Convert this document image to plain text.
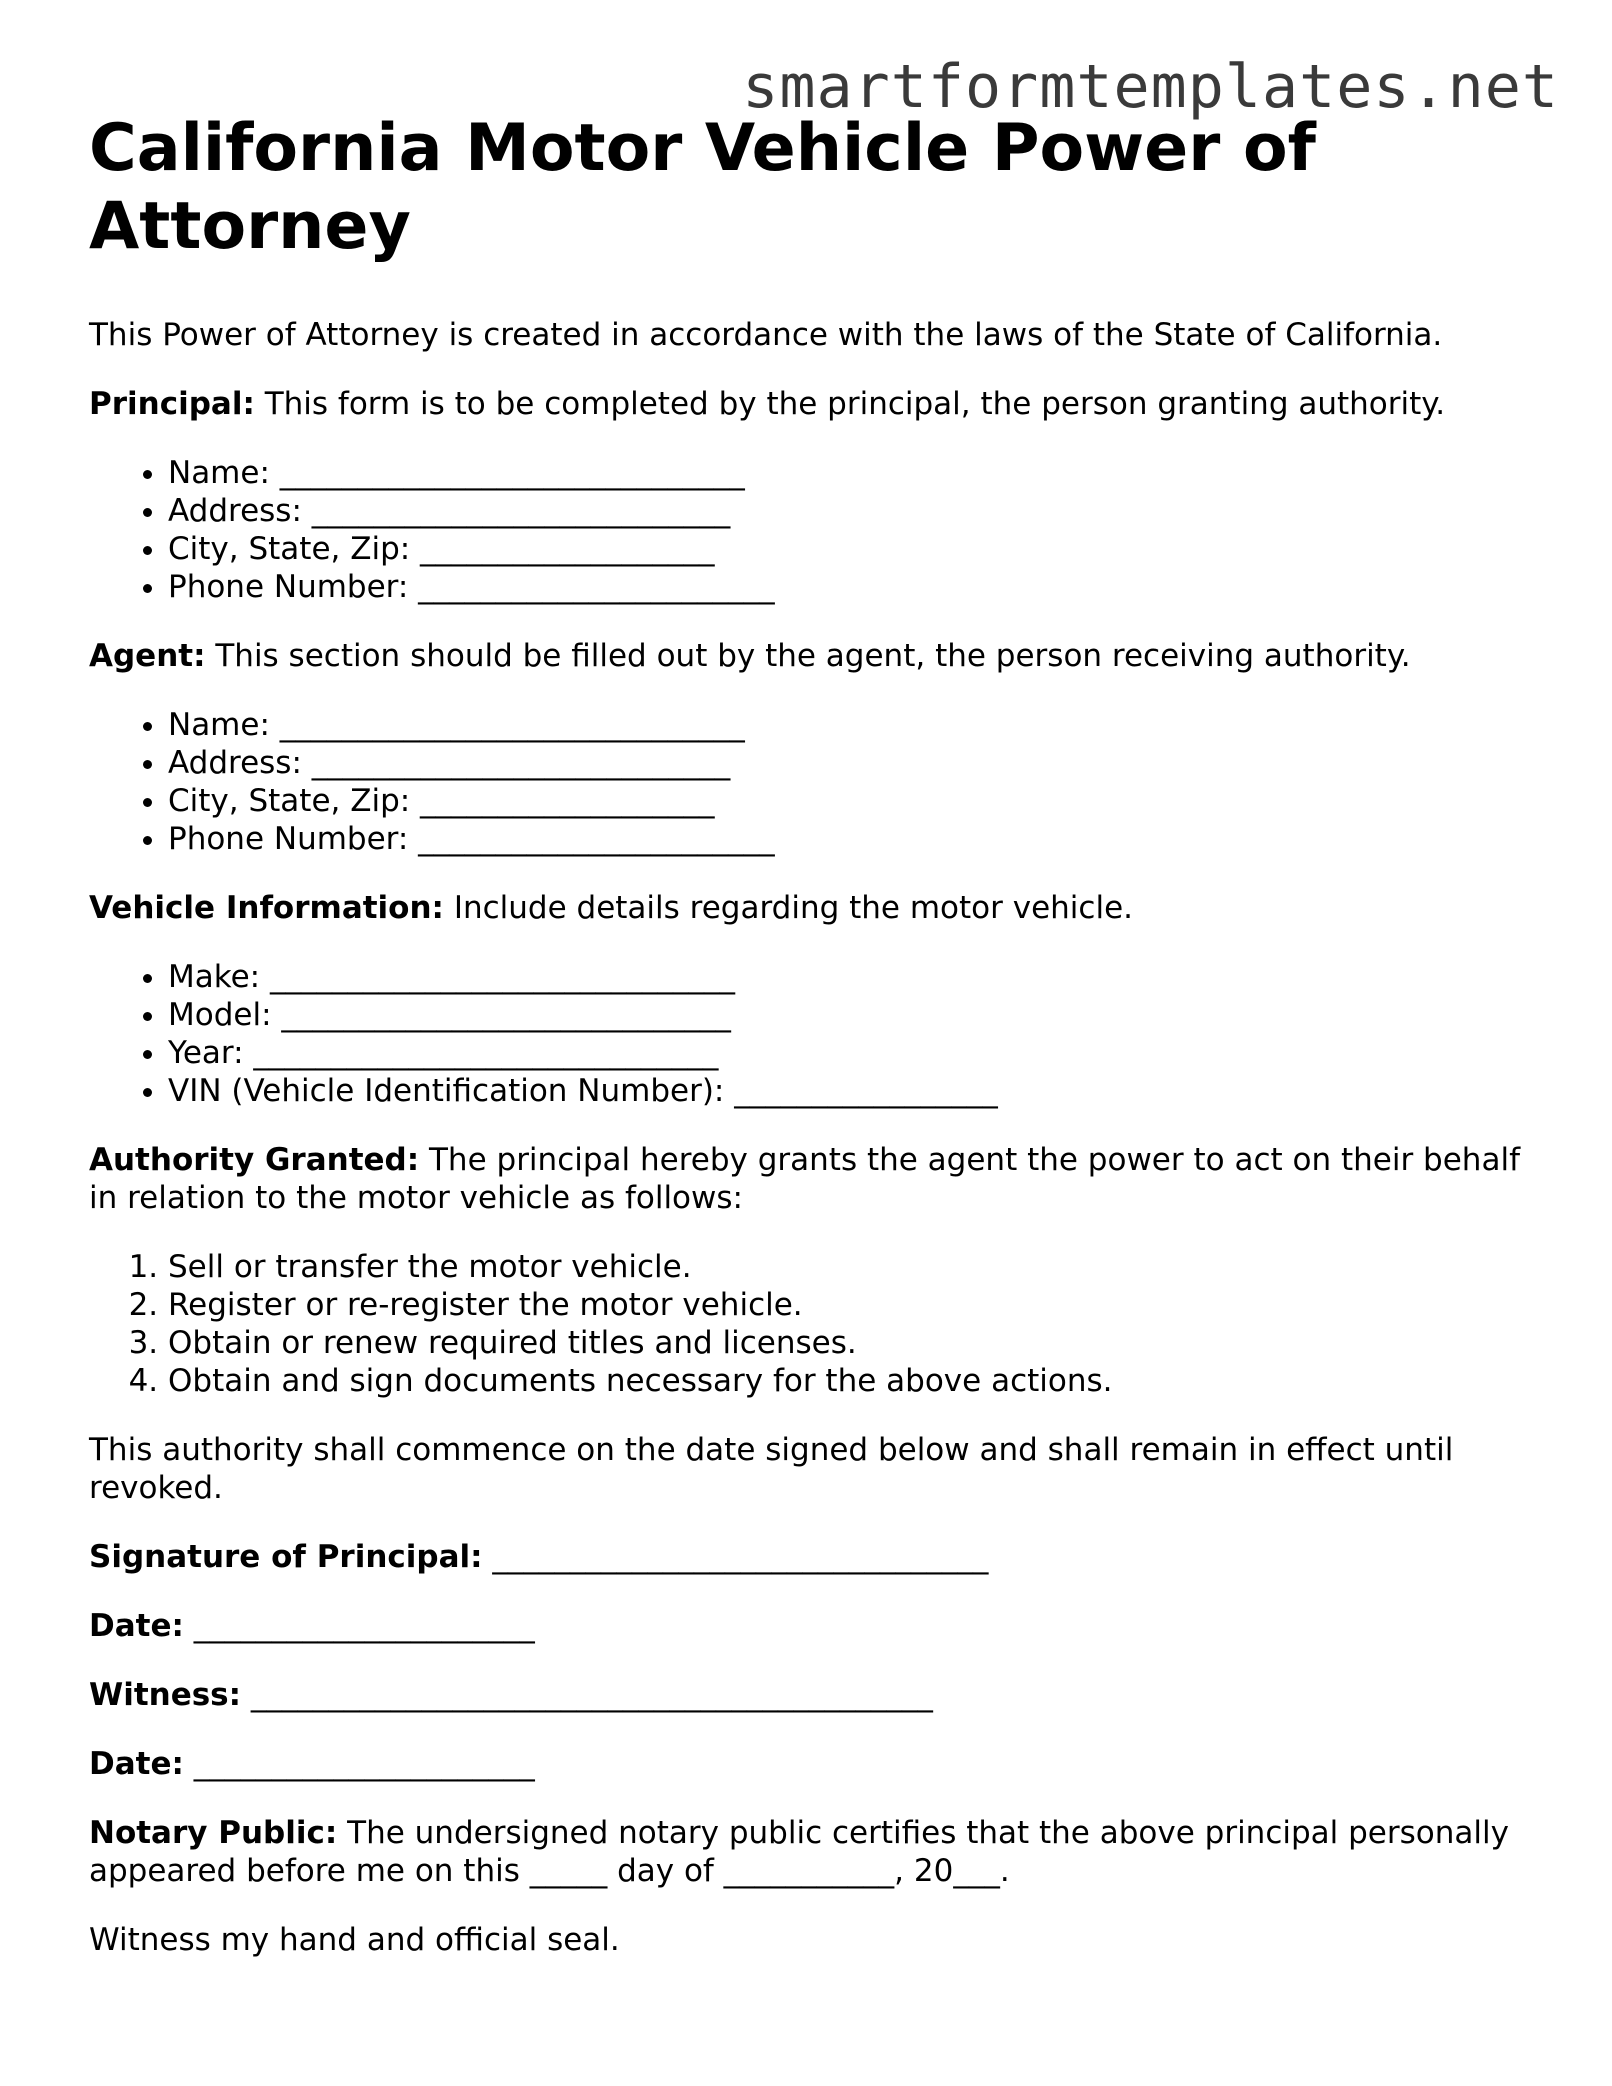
smartformtemplates.net
California Motor Vehicle Power of Attorney

This Power of Attorney is created in accordance with the laws of the State of California.

Principal: This form is to be completed by the principal, the person granting authority.

• Name: ______________________________
• Address: ___________________________
• City, State, Zip: ___________________
• Phone Number: _______________________

Agent: This section should be filled out by the agent, the person receiving authority.

• Name: ______________________________
• Address: ___________________________
• City, State, Zip: ___________________
• Phone Number: _______________________

Vehicle Information: Include details regarding the motor vehicle.

• Make: ______________________________
• Model: _____________________________
• Year: ______________________________
• VIN (Vehicle Identification Number): _________________

Authority Granted: The principal hereby grants the agent the power to act on their behalf in relation to the motor vehicle as follows:

1. Sell or transfer the motor vehicle.
2. Register or re-register the motor vehicle.
3. Obtain or renew required titles and licenses.
4. Obtain and sign documents necessary for the above actions.

This authority shall commence on the date signed below and shall remain in effect until revoked.

Signature of Principal: ________________________________

Date: ______________________

Witness: ____________________________________________

Date: ______________________

Notary Public: The undersigned notary public certifies that the above principal personally appeared before me on this _____ day of ___________, 20___.

Witness my hand and official seal.
